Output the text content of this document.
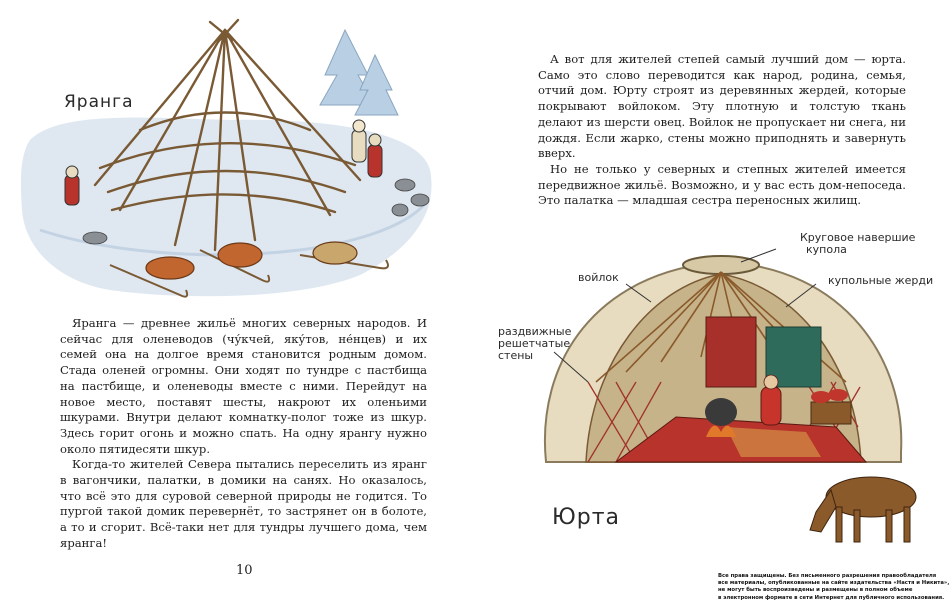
Яранга

Яранга — древнее жильё многих северных народов. И сейчас для оленеводов (чу́кчей, яку́тов, не́нцев) и их семей она на долгое время становится родным домом. Стада оленей огромны. Они ходят по тундре с пастбища на пастбище, и оленеводы вместе с ними. Перейдут на новое место, поставят шесты, накроют их оленьими шкурами. Внутри делают комнатку-полог тоже из шкур. Здесь горит огонь и можно спать. На одну ярангу нужно около пятидесяти шкур.

Когда-то жителей Севера пытались переселить из яранг в вагончики, палатки, в домики на санях. Но оказалось, что всё это для суровой северной природы не годится. То пургой такой домик перевернёт, то застрянет он в болоте, а то и сгорит. Всё-таки нет для тундры лучшего дома, чем яранга!

10

А вот для жителей степей самый лучший дом — юрта. Само это слово переводится как народ, родина, семья, отчий дом. Юрту строят из деревянных жердей, которые покрывают войлоком. Эту плотную и толстую ткань делают из шерсти овец. Войлок не пропускает ни снега, ни дождя. Если жарко, стены можно приподнять и завернуть вверх.

Но не только у северных и степных жителей имеется передвижное жильё. Возможно, и у вас есть дом-непоседа. Это палатка — младшая сестра переносных жилищ.

Круговое навершие
купола
войлок	купольные жерди
раздвижные
решетчатые
стены
Юрта
Все права защищены. Без письменного разрешения правообладателя
все материалы, опубликованные на сайте издательства «Настя и Никита»,
не могут быть воспроизведены и размещены в полном объеме
в электронном формате в сети Интернет для публичного использования.
